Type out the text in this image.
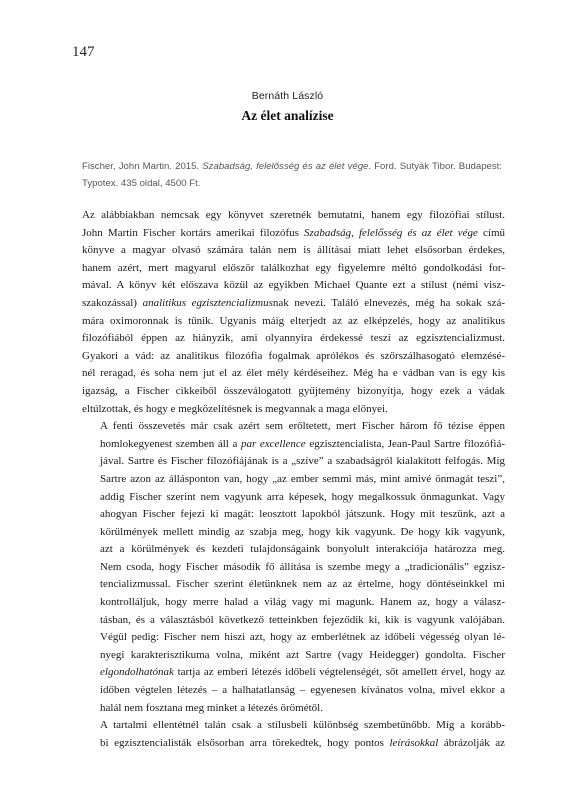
147
Bernáth László
Az élet analízise
Fischer, John Martin. 2015. Szabadság, felelősség és az élet vége. Ford. Sutyák Tibor. Budapest:
Typotex. 435 oldal, 4500 Ft.

Az alábbiakban nemcsak egy könyvet szeretnék bemutatni, hanem egy filozófiai stílust.
John Martin Fischer kortárs amerikai filozófus Szabadság, felelősség és az élet vége című
könyve a magyar olvasó számára talán nem is állításai miatt lehet elsősorban érdekes,
hanem azért, mert magyarul először találkozhat egy figyelemre méltó gondolkodási for-
mával. A könyv két előszava közül az egyikben Michael Quante ezt a stílust (némi visz-
szakozással) analitikus egzisztencializmusnak nevezi. Találó elnevezés, még ha sokak szá-
mára oximoronnak is tűnik. Ugyanis máig elterjedt az az elképzelés, hogy az analitikus
filozófiából éppen az hiányzik, ami olyannyira érdekessé teszi az egzisztencializmust.
Gyakori a vád: az analitikus filozófia fogalmak aprólékos és szőrszálhasogató elemzésé-
nél reragad, és soha nem jut el az élet mély kérdéseihez. Még ha e vádban van is egy kis
igazság, a Fischer cikkeiből összeválogatott gyűjtemény bizonyítja, hogy ezek a vádak
eltúlzottak, és hogy e megközelítésnek is megvannak a maga előnyei.

A fenti összevetés már csak azért sem erőltetett, mert Fischer három fő tézise éppen
homlokegyenest szemben áll a par excellence egzisztencialista, Jean-Paul Sartre filozófiá-
jával. Sartre és Fischer filozófiájának is a „szíve” a szabadságról kialakított felfogás. Míg
Sartre azon az állásponton van, hogy „az ember semmi más, mint amivé önmagát teszi”,
addig Fischer szerint nem vagyunk arra képesek, hogy megalkossuk önmagunkat. Vagy
ahogyan Fischer fejezi ki magát: leosztott lapokból játszunk. Hogy mit teszünk, azt a
körülmények mellett mindig az szabja meg, hogy kik vagyunk. De hogy kik vagyunk,
azt a körülmények és kezdeti tulajdonságaink bonyolult interakciója határozza meg.
Nem csoda, hogy Fischer második fő állítása is szembe megy a „tradicionális” egzisz-
tencializmussal. Fischer szerint életünknek nem az az értelme, hogy döntéseinkkel mi
kontrolláljuk, hogy merre halad a világ vagy mi magunk. Hanem az, hogy a válasz-
tásban, és a választásból következő tetteinkben fejeződik ki, kik is vagyunk valójában.
Végül pedig: Fischer nem hiszi azt, hogy az emberlétnek az időbeli végesség olyan lé-
nyegi karakterisztikuma volna, miként azt Sartre (vagy Heidegger) gondolta. Fischer
elgondolhatónak tartja az emberi létezés időbeli végtelenségét, sőt amellett érvel, hogy az
időben végtelen létezés – a halhatatlanság – egyenesen kívánatos volna, mivel ekkor a
halál nem fosztana meg minket a létezés örömétől.

A tartalmi ellentétnél talán csak a stílusbeli különbség szembetűnőbb. Míg a korább-
bi egzisztencialisták elsősorban arra törekedtek, hogy pontos leírásokkal ábrázolják az
